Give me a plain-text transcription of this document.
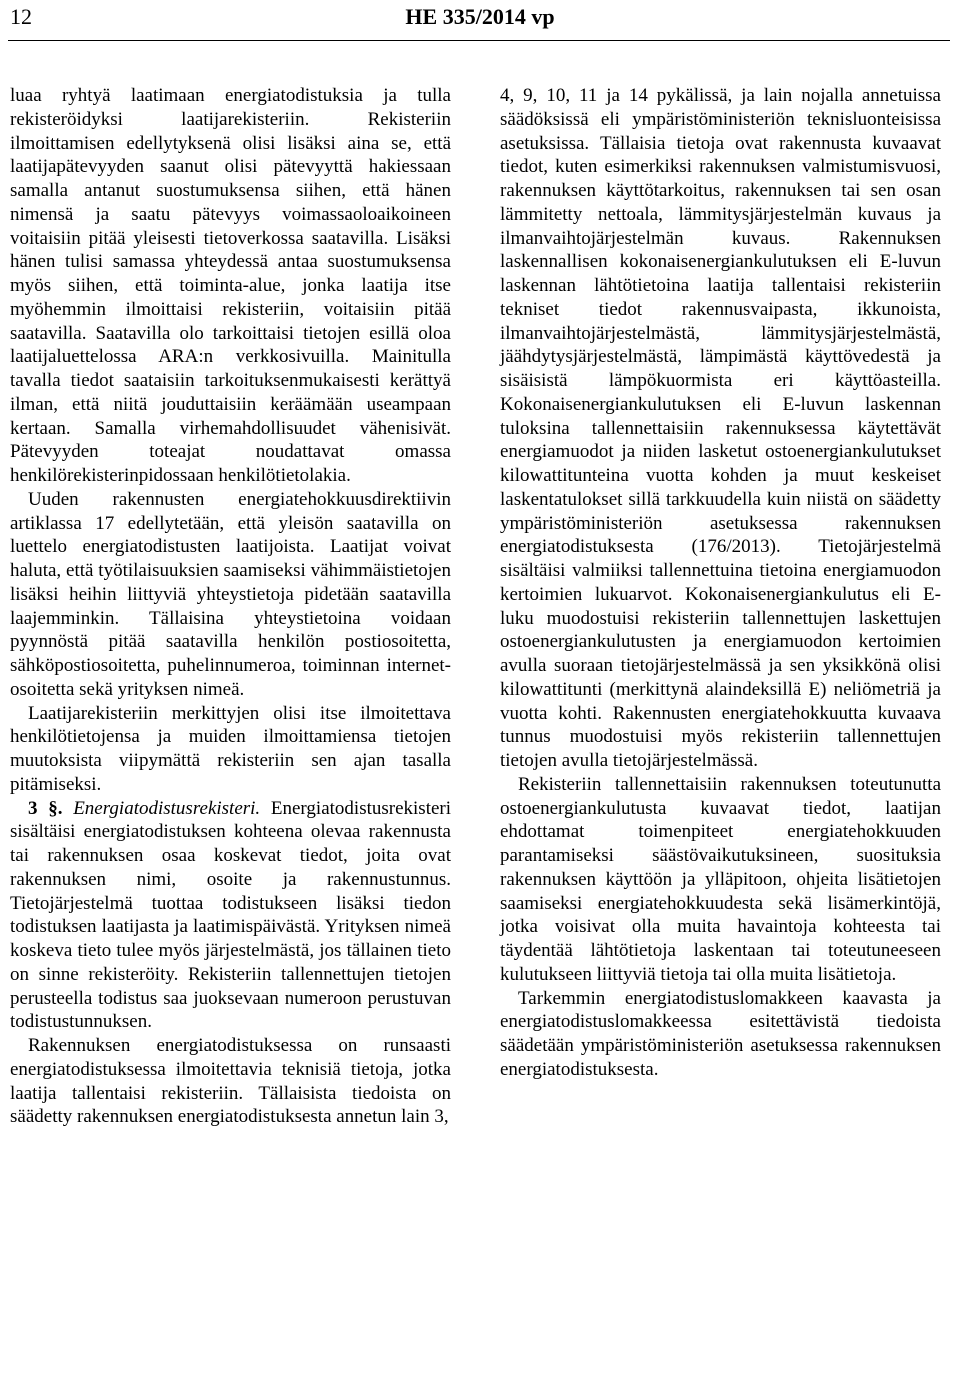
12	HE 335/2014 vp

luaa ryhtyä laatimaan energiatodistuksia ja tulla rekisteröidyksi laatijarekisteriin. Rekisteriin ilmoittamisen edellytyksenä olisi lisäksi aina se, että laatijapätevyyden saanut olisi pätevyyttä hakiessaan samalla antanut suostumuksensa siihen, että hänen nimensä ja saatu pätevyys voimassaoloaikoineen voitaisiin pitää yleisesti tietoverkossa saatavilla. Lisäksi hänen tulisi samassa yhteydessä antaa suostumuksensa myös siihen, että toiminta-alue, jonka laatija itse myöhemmin ilmoittaisi rekisteriin, voitaisiin pitää saatavilla. Saatavilla olo tarkoittaisi tietojen esillä oloa laatijaluettelossa ARA:n verkkosivuilla. Mainitulla tavalla tiedot saataisiin tarkoituksenmukaisesti kerättyä ilman, että niitä jouduttaisiin keräämään useampaan kertaan. Samalla virhemahdollisuudet vähenisivät. Pätevyyden toteajat noudattavat omassa henkilörekisterinpidossaan henkilötietolakia.

Uuden rakennusten energiatehokkuusdirektiivin artiklassa 17 edellytetään, että yleisön saatavilla on luettelo energiatodistusten laatijoista. Laatijat voivat haluta, että työtilaisuuksien saamiseksi vähimmäistietojen lisäksi heihin liittyviä yhteystietoja pidetään saatavilla laajemminkin. Tällaisina yhteystietoina voidaan pyynnöstä pitää saatavilla henkilön postiosoitetta, sähköpostiosoitetta, puhelinnumeroa, toiminnan internet-osoitetta sekä yrityksen nimeä.

Laatijarekisteriin merkittyjen olisi itse ilmoitettava henkilötietojensa ja muiden ilmoittamiensa tietojen muutoksista viipymättä rekisteriin sen ajan tasalla pitämiseksi.

3 §. Energiatodistusrekisteri. Energiatodistusrekisteri sisältäisi energiatodistuksen kohteena olevaa rakennusta tai rakennuksen osaa koskevat tiedot, joita ovat rakennuksen nimi, osoite ja rakennustunnus. Tietojärjestelmä tuottaa todistukseen lisäksi tiedon todistuksen laatijasta ja laatimispäivästä. Yrityksen nimeä koskeva tieto tulee myös järjestelmästä, jos tällainen tieto on sinne rekisteröity. Rekisteriin tallennettujen tietojen perusteella todistus saa juoksevaan numeroon perustuvan todistustunnuksen.

Rakennuksen energiatodistuksessa on runsaasti energiatodistuksessa ilmoitettavia teknisiä tietoja, jotka laatija tallentaisi rekisteriin. Tällaisista tiedoista on säädetty rakennuksen energiatodistuksesta annetun lain 3,

4, 9, 10, 11 ja 14 pykälissä, ja lain nojalla annetuissa säädöksissä eli ympäristöministeriön teknisluonteisissa asetuksissa. Tällaisia tietoja ovat rakennusta kuvaavat tiedot, kuten esimerkiksi rakennuksen valmistumisvuosi, rakennuksen käyttötarkoitus, rakennuksen tai sen osan lämmitetty nettoala, lämmitysjärjestelmän kuvaus ja ilmanvaihtojärjestelmän kuvaus. Rakennuksen laskennallisen kokonaisenergiankulutuksen eli E-luvun laskennan lähtötietoina laatija tallentaisi rekisteriin tekniset tiedot rakennusvaipasta, ikkunoista, ilmanvaihtojärjestelmästä, lämmitysjärjestelmästä, jäähdytysjärjestelmästä, lämpimästä käyttövedestä ja sisäisistä lämpökuormista eri käyttöasteilla. Kokonaisenergiankulutuksen eli E-luvun laskennan tuloksina tallennettaisiin rakennuksessa käytettävät energiamuodot ja niiden lasketut ostoenergiankulutukset kilowattitunteina vuotta kohden ja muut keskeiset laskentatulokset sillä tarkkuudella kuin niistä on säädetty ympäristöministeriön asetuksessa rakennuksen energiatodistuksesta (176/2013). Tietojärjestelmä sisältäisi valmiiksi tallennettuina tietoina energiamuodon kertoimien lukuarvot. Kokonaisenergiankulutus eli E-luku muodostuisi rekisteriin tallennettujen laskettujen ostoenergiankulutusten ja energiamuodon kertoimien avulla suoraan tietojärjestelmässä ja sen yksikkönä olisi kilowattitunti (merkittynä alaindeksillä E) neliömetriä ja vuotta kohti. Rakennusten energiatehokkuutta kuvaava tunnus muodostuisi myös rekisteriin tallennettujen tietojen avulla tietojärjestelmässä.

Rekisteriin tallennettaisiin rakennuksen toteutunutta ostoenergiankulutusta kuvaavat tiedot, laatijan ehdottamat toimenpiteet energiatehokkuuden parantamiseksi säästövaikutuksineen, suosituksia rakennuksen käyttöön ja ylläpitoon, ohjeita lisätietojen saamiseksi energiatehokkuudesta sekä lisämerkintöjä, jotka voisivat olla muita havaintoja kohteesta tai täydentää lähtötietoja laskentaan tai toteutuneeseen kulutukseen liittyviä tietoja tai olla muita lisätietoja.

Tarkemmin energiatodistuslomakkeen kaavasta ja energiatodistuslomakkeessa esitettävistä tiedoista säädetään ympäristöministeriön asetuksessa rakennuksen energiatodistuksesta.
